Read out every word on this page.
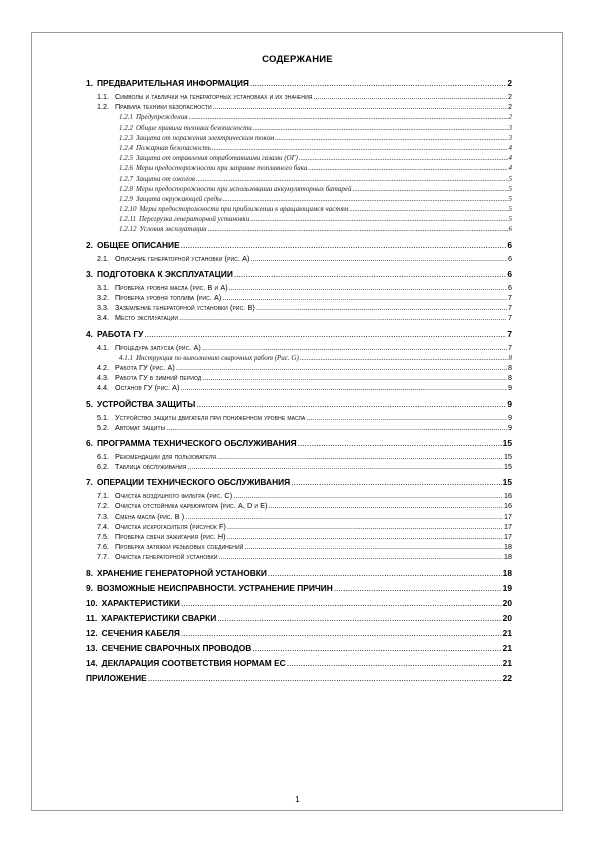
СОДЕРЖАНИЕ
1. ПРЕДВАРИТЕЛЬНАЯ ИНФОРМАЦИЯ .....	2
1.1. Символы и таблички на генераторных установках и их значения .....	2
1.2. Правила техники безопасности .....	2
1.2.1 Предупреждения .....	2
1.2.2 Общие правила техники безопасности .....	3
1.2.3 Защита от поражения электрическим током .....	3
1.2.4 Пожарная безопасность .....	4
1.2.5 Защита от отравления отработавшими газами (ОГ) .....	4
1.2.6 Меры предосторожности при заправке топливного бака .....	4
1.2.7 Защита от ожогов .....	5
1.2.8 Меры предосторожности при использовании аккумуляторных батарей .....	5
1.2.9 Защита окружающей среды .....	5
1.2.10 Меры предосторожности при приближении к вращающимся частям .....	5
1.2.11 Перегрузка генераторной установки .....	5
1.2.12 Условия эксплуатации .....	6
2. ОБЩЕЕ ОПИСАНИЕ .....	6
2.1. Описание генераторной установки (рис. А) .....	6
3. ПОДГОТОВКА К ЭКСПЛУАТАЦИИ .....	6
3.1. Проверка уровня масла (рис. В и А) .....	6
3.2. Проверка уровня топлива (рис. А) .....	7
3.3. Заземление генераторной установки (рис. В) .....	7
3.4. Место эксплуатации .....	7
4. РАБОТА ГУ .....	7
4.1. Процедура запуска (рис. А) .....	7
4.1.1 Инструкция по выполнению сварочных работ (Рис. G) .....	8
4.2. Работа ГУ (рис. А) .....	8
4.3. Работа ГУ в зимний период .....	8
4.4. Останов ГУ (рис. А) .....	9
5. УСТРОЙСТВА ЗАЩИТЫ .....	9
5.1. Устройство защиты двигателя при пониженном уровне масла .....	9
5.2. Автомат защиты .....	9
6. ПРОГРАММА ТЕХНИЧЕСКОГО ОБСЛУЖИВАНИЯ .....	15
6.1. Рекомендации для пользователя .....	15
6.2. Таблица обслуживания .....	15
7. ОПЕРАЦИИ ТЕХНИЧЕСКОГО ОБСЛУЖИВАНИЯ .....	15
7.1. Очистка воздушного фильтра (рис. С) .....	16
7.2. Очистка отстойника карбюратора (рис. A, D и E) .....	16
7.3. Смена масла (рис. В ) .....	17
7.4. Очистка искрогасителя (рисунок F) .....	17
7.5. Проверка свечи зажигания (рис. Н) .....	17
7.6. Проверка затяжки резьбовых соединений .....	18
7.7. Очистка генераторной установки .....	18
8. ХРАНЕНИЕ ГЕНЕРАТОРНОЙ УСТАНОВКИ .....	18
9. ВОЗМОЖНЫЕ НЕИСПРАВНОСТИ. УСТРАНЕНИЕ ПРИЧИН .....	19
10. ХАРАКТЕРИСТИКИ .....	20
11. ХАРАКТЕРИСТИКИ СВАРКИ .....	20
12. СЕЧЕНИЯ КАБЕЛЯ .....	21
13. СЕЧЕНИЕ СВАРОЧНЫХ ПРОВОДОВ .....	21
14. ДЕКЛАРАЦИЯ СООТВЕТСТВИЯ НОРМАМ ЕС .....	21
ПРИЛОЖЕНИЕ .....	22
1
